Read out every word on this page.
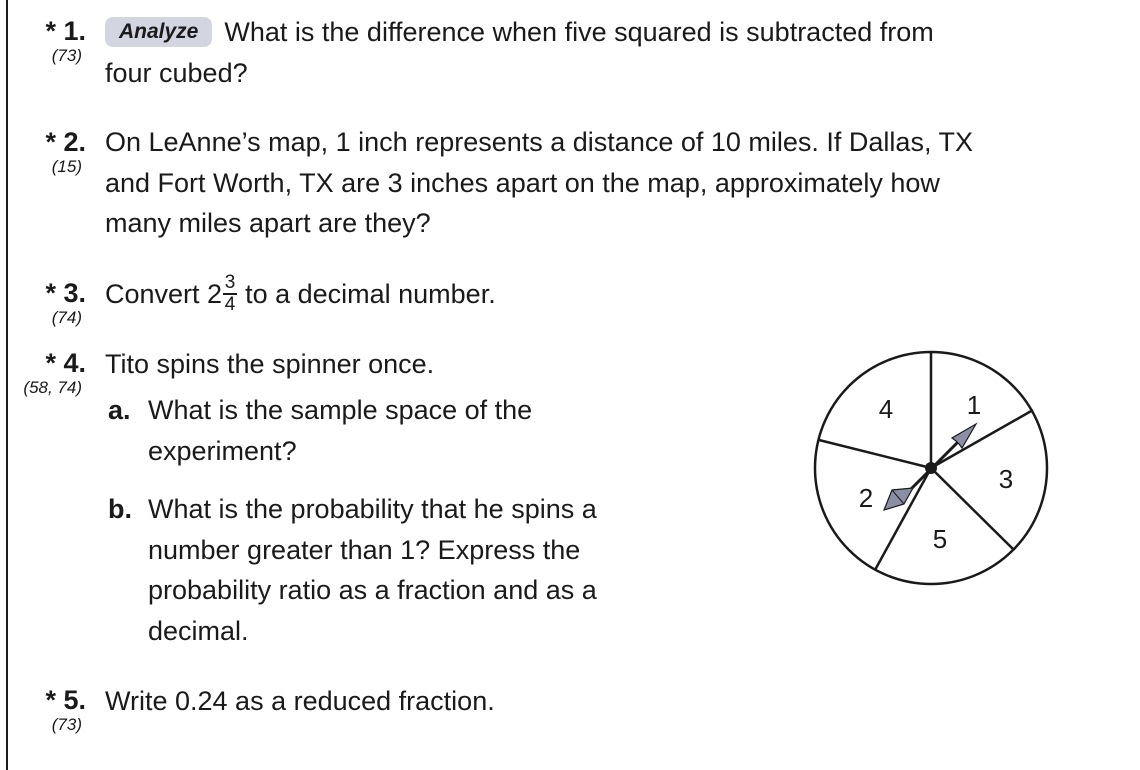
* 1.
(73)
Analyze What is the difference when five squared is subtracted from
four cubed?
* 2.
(15)
On LeAnne’s map, 1 inch represents a distance of 10 miles. If Dallas, TX
and Fort Worth, TX are 3 inches apart on the map, approximately how
many miles apart are they?
* 3.
(74)
Convert $2 \frac{3}{4}$ to a decimal number.
* 4.
(58, 74)
Tito spins the spinner once.
a. What is the sample space of the
experiment?
b. What is the probability that he spins a
number greater than 1? Express the
probability ratio as a fraction and as a
decimal.
1
3
5
2
4
* 5.
(73)
Write 0.24 as a reduced fraction.
